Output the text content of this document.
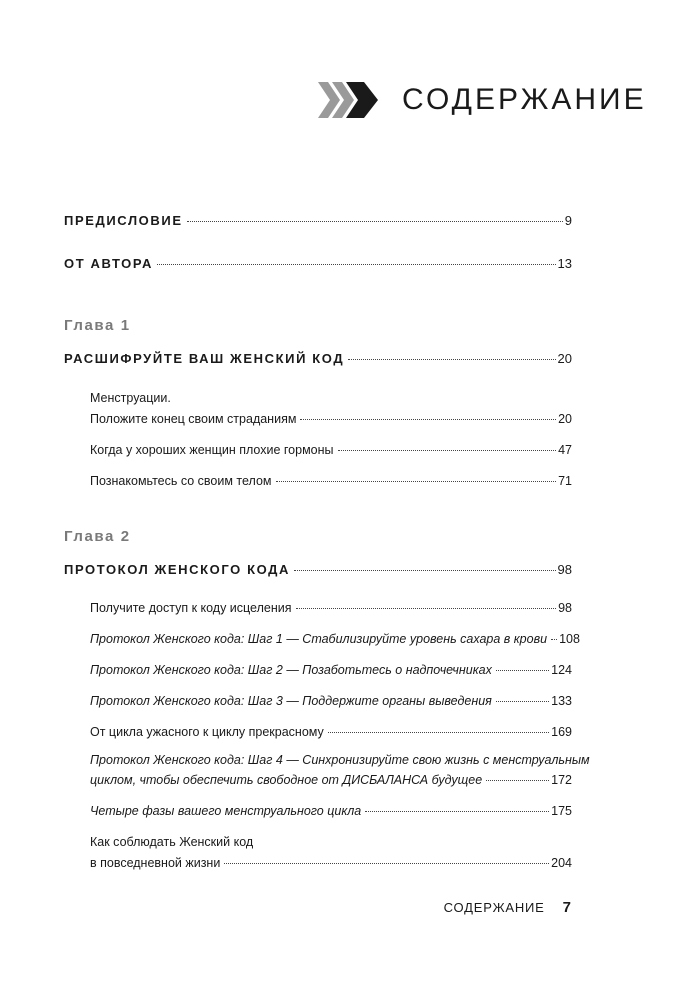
СОДЕРЖАНИЕ
ПРЕДИСЛОВИЕ	9
ОТ АВТОРА	13
Глава 1
РАСШИФРУЙТЕ ВАШ ЖЕНСКИЙ КОД	20
Менструации.
Положите конец своим страданиям	20
Когда у хороших женщин плохие гормоны	47
Познакомьтесь со своим телом	71
Глава 2
ПРОТОКОЛ ЖЕНСКОГО КОДА	98
Получите доступ к коду исцеления	98
Протокол Женского кода: Шаг 1 — Стабилизируйте уровень сахара в крови 108
Протокол Женского кода: Шаг 2 — Позаботьтесь о надпочечниках	124
Протокол Женского кода: Шаг 3 — Поддержите органы выведения	133
От цикла ужасного к циклу прекрасному	169
Протокол Женского кода: Шаг 4 — Синхронизируйте свою жизнь с менструальным
циклом, чтобы обеспечить свободное от ДИСБАЛАНСА будущее	172
Четыре фазы вашего менструального цикла	175
Как соблюдать Женский код
в повседневной жизни	204
СОДЕРЖАНИЕ 7
